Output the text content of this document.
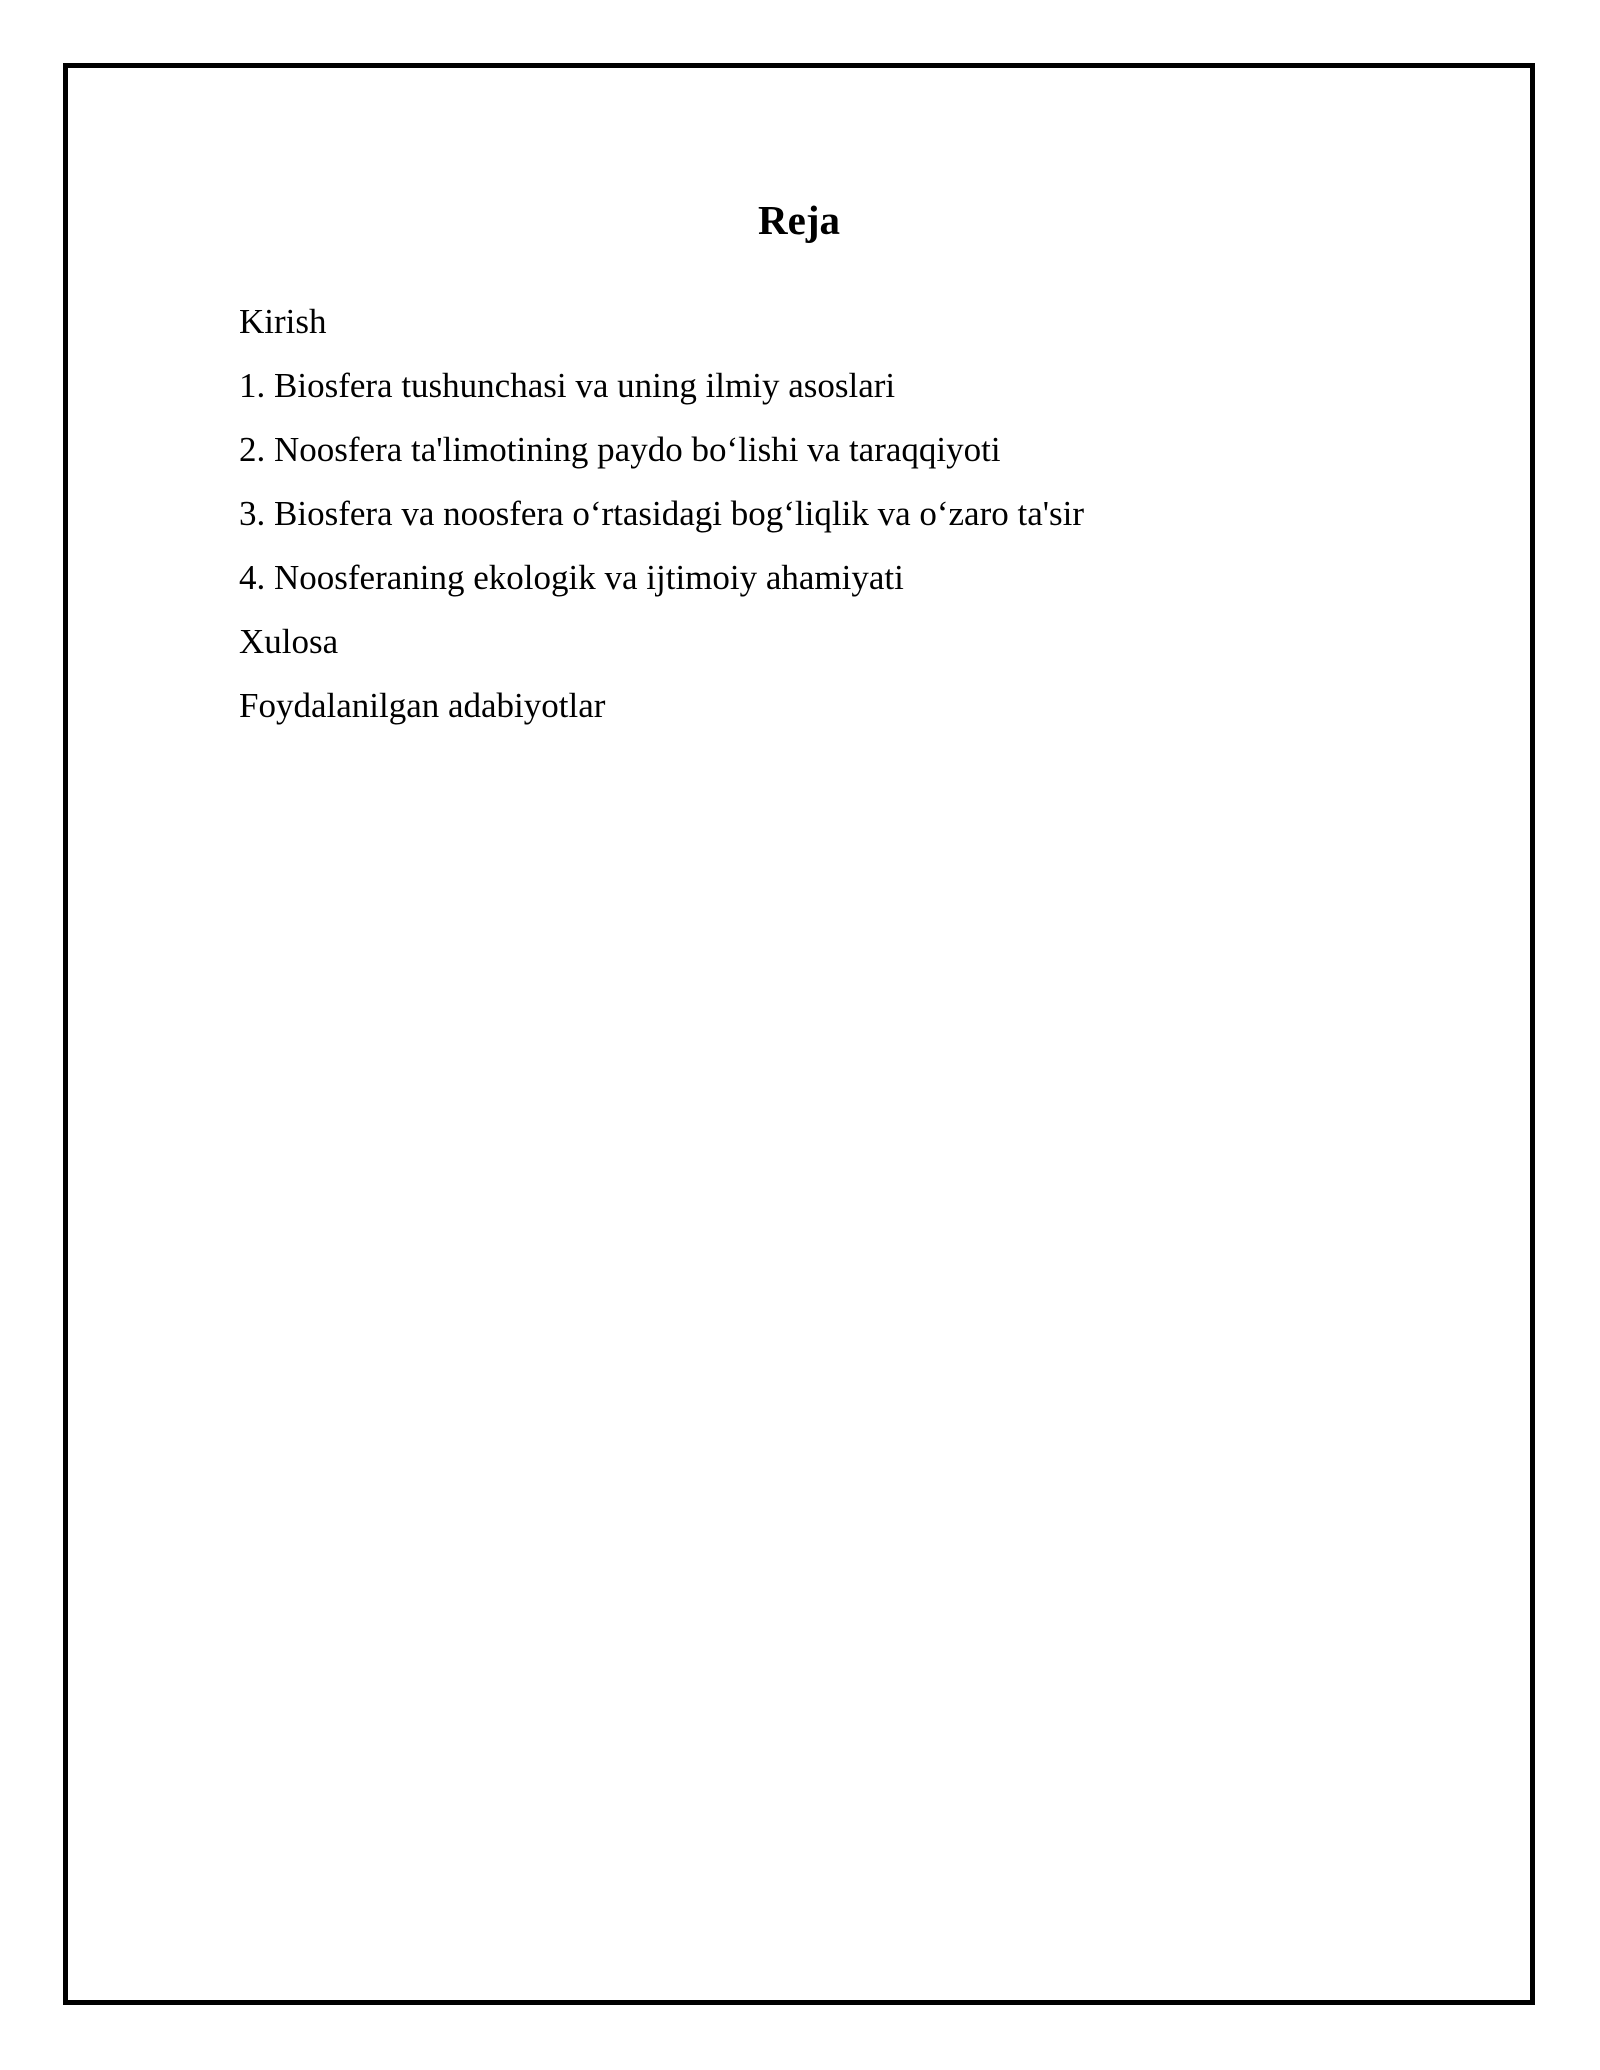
Reja
Kirish
1. Biosfera tushunchasi va uning ilmiy asoslari
2. Noosfera ta'limotining paydo boʻlishi va taraqqiyoti
3. Biosfera va noosfera oʻrtasidagi bogʻliqlik va oʻzaro ta'sir
4. Noosferaning ekologik va ijtimoiy ahamiyati
Xulosa
Foydalanilgan adabiyotlar
